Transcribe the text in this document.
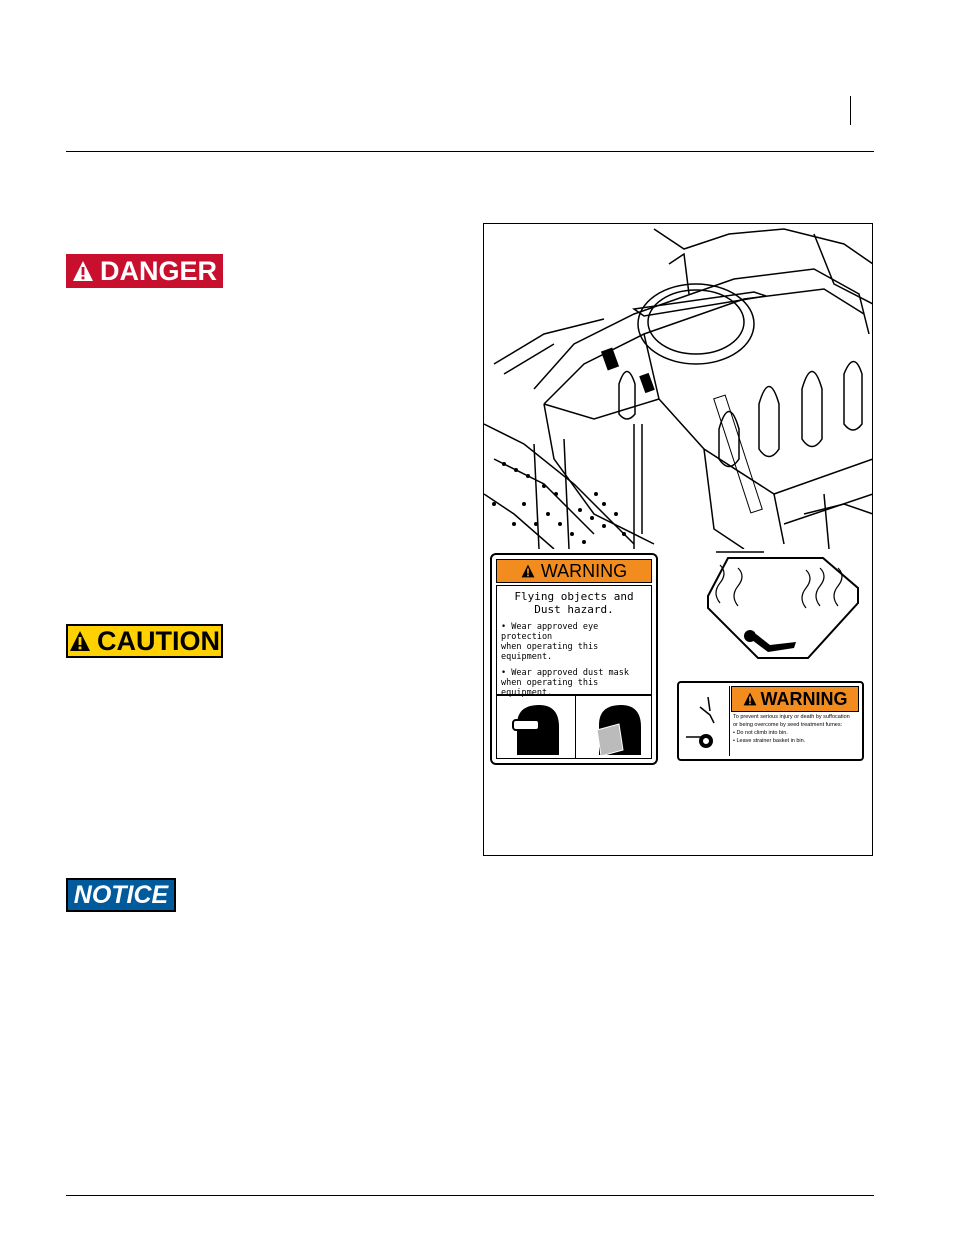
DANGER
CAUTION
NOTICE
WARNING
Flying objects and
Dust hazard.
• Wear approved eye protection
when operating this equipment.
• Wear approved dust mask
when operating this equipment.	WARNING
To prevent serious injury or death by suffocation
or being overcome by seed treatment fumes:
• Do not climb into bin.
• Leave strainer basket in bin.
